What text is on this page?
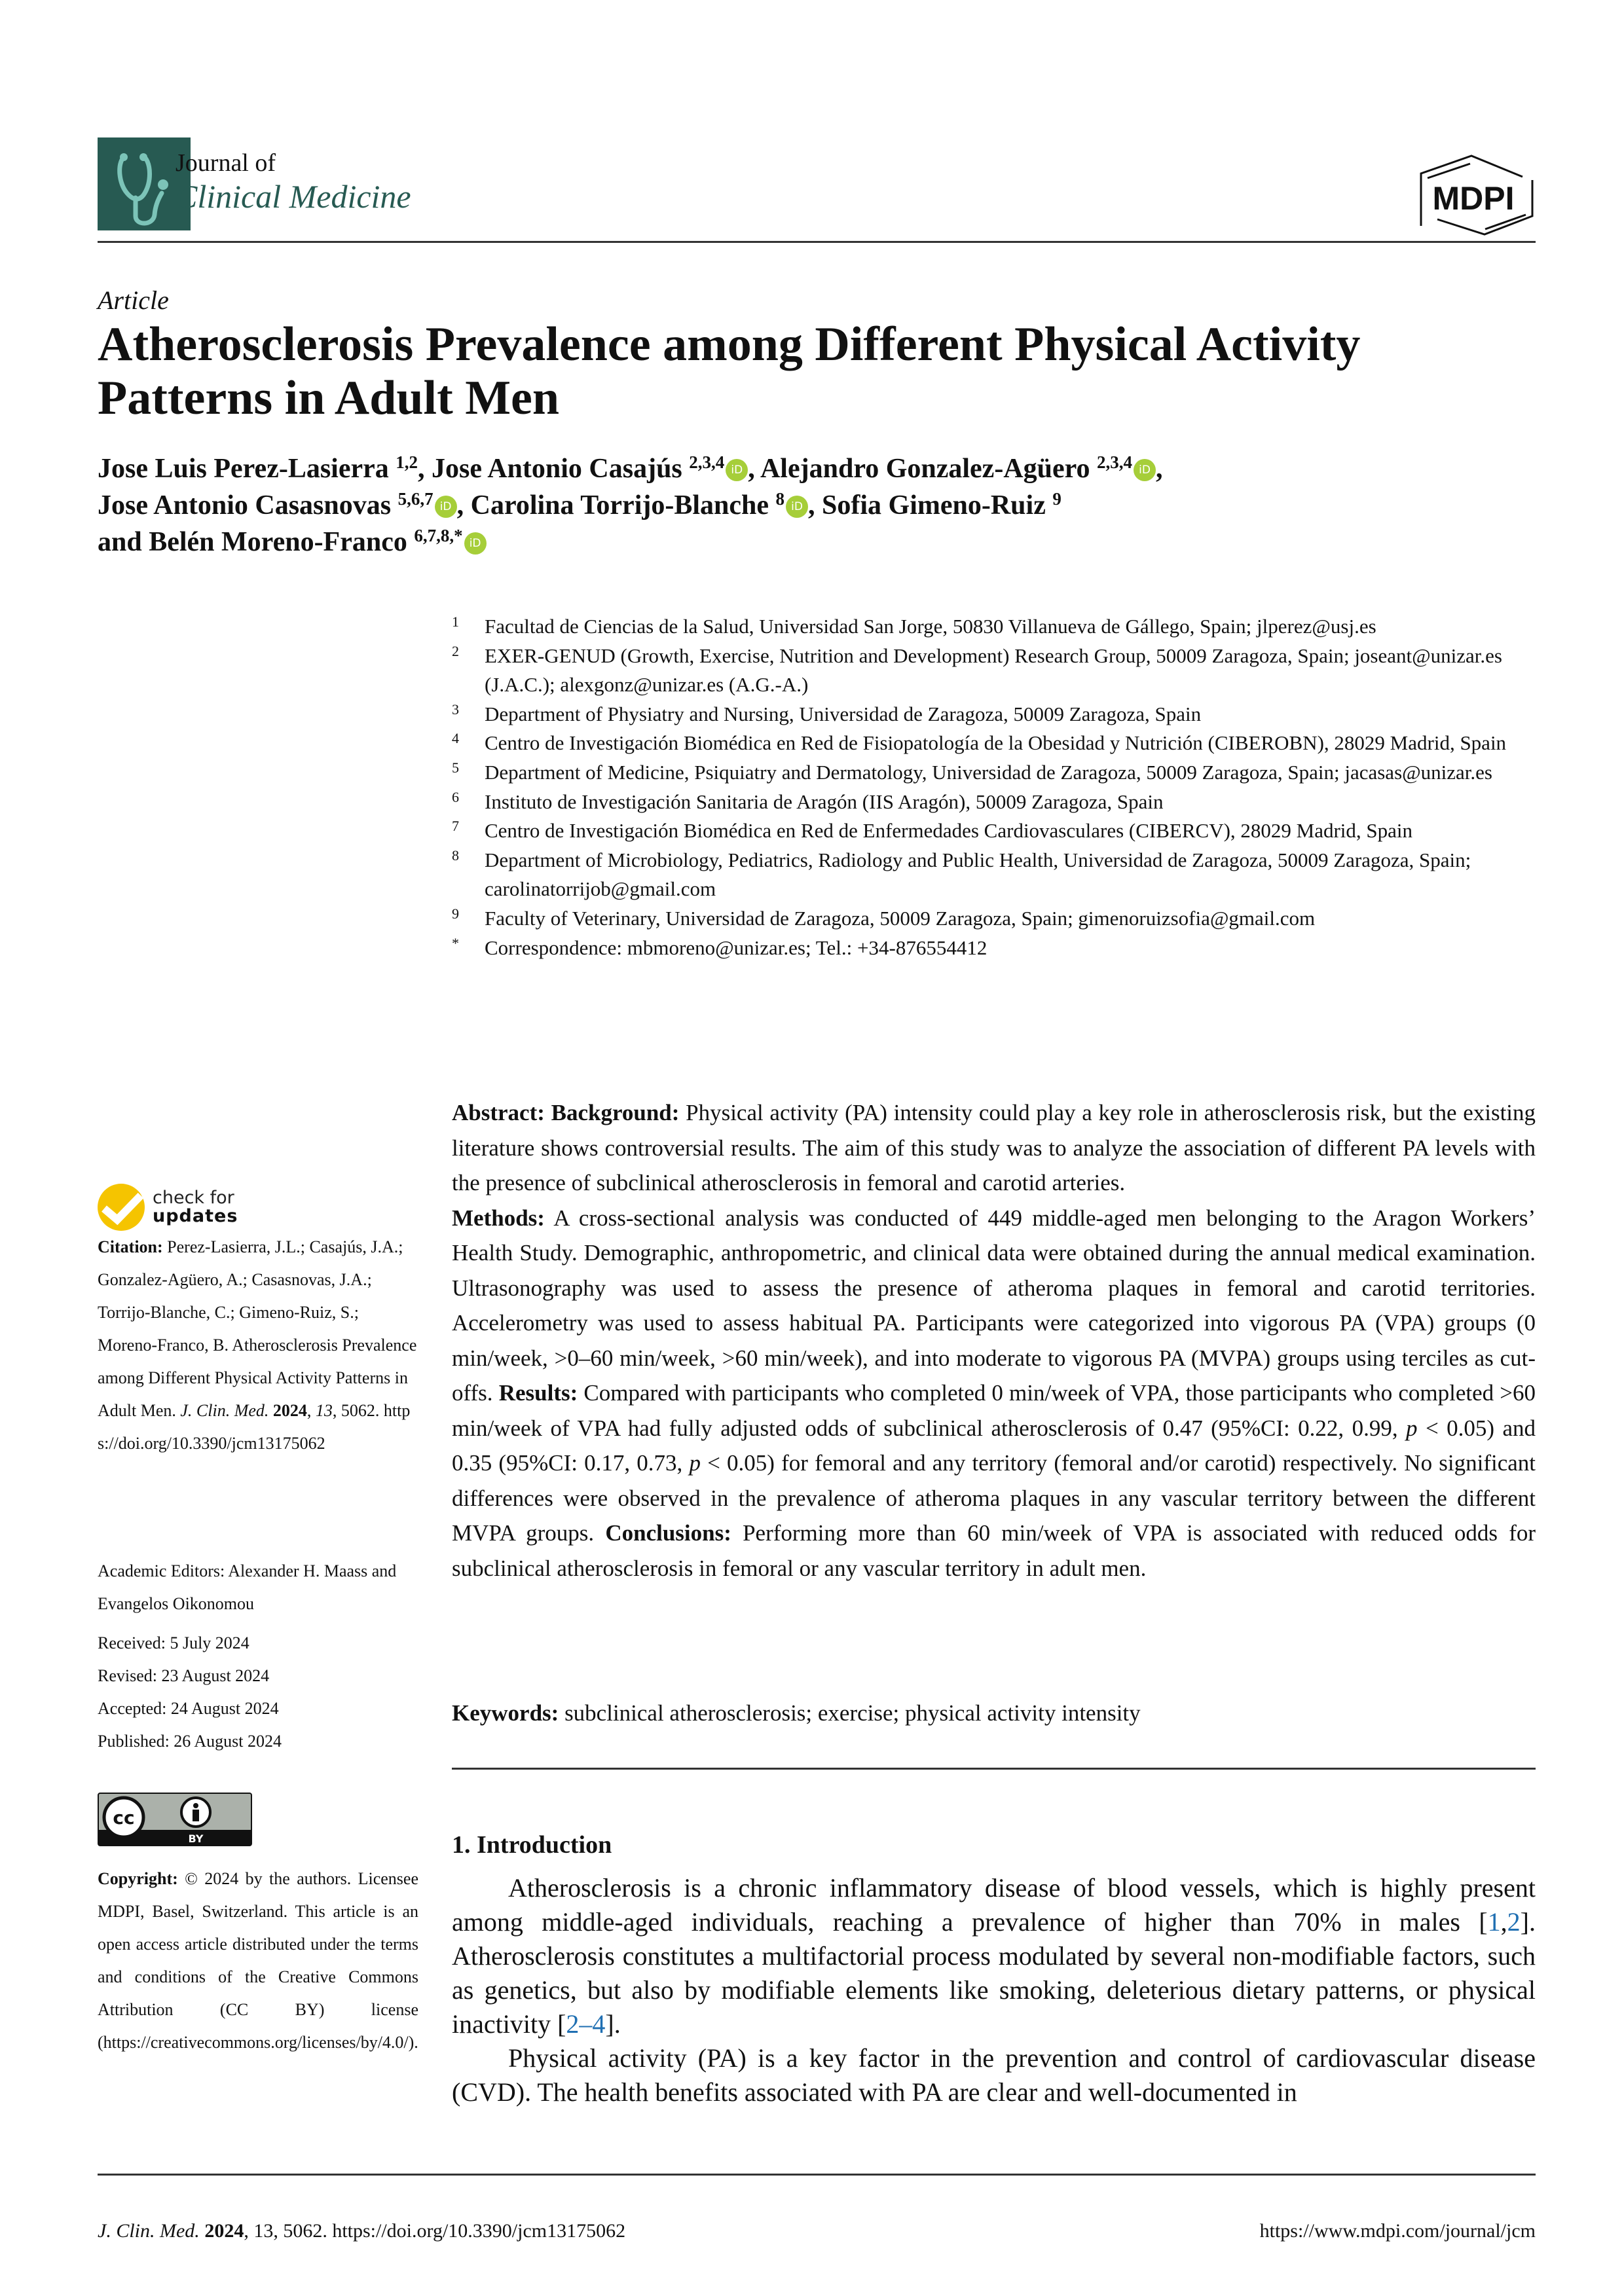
Journal of
Clinical Medicine	MDPI
Article
Atherosclerosis Prevalence among Different Physical Activity Patterns in Adult Men
Jose Luis Perez-Lasierra $^{1,2}$, Jose Antonio Casajús $^{2,3,4}$ iD , Alejandro Gonzalez-Agüero $^{2,3,4}$ iD ,
Jose Antonio Casasnovas $^{5,6,7}$ iD , Carolina Torrijo-Blanche $^8$ iD , Sofia Gimeno-Ruiz $^9$
and Belén Moreno-Franco $^{6,7,8,*}$ iD
1	Facultad de Ciencias de la Salud, Universidad San Jorge, 50830 Villanueva de Gállego, Spain; jlperez@usj.es
2	EXER-GENUD (Growth, Exercise, Nutrition and Development) Research Group, 50009 Zaragoza, Spain; joseant@unizar.es (J.A.C.); alexgonz@unizar.es (A.G.-A.)
3	Department of Physiatry and Nursing, Universidad de Zaragoza, 50009 Zaragoza, Spain
4	Centro de Investigación Biomédica en Red de Fisiopatología de la Obesidad y Nutrición (CIBEROBN), 28029 Madrid, Spain
5	Department of Medicine, Psiquiatry and Dermatology, Universidad de Zaragoza, 50009 Zaragoza, Spain; jacasas@unizar.es
6	Instituto de Investigación Sanitaria de Aragón (IIS Aragón), 50009 Zaragoza, Spain
7	Centro de Investigación Biomédica en Red de Enfermedades Cardiovasculares (CIBERCV), 28029 Madrid, Spain
8	Department of Microbiology, Pediatrics, Radiology and Public Health, Universidad de Zaragoza, 50009 Zaragoza, Spain; carolinatorrijob@gmail.com
9	Faculty of Veterinary, Universidad de Zaragoza, 50009 Zaragoza, Spain; gimenoruizsofia@gmail.com
*	Correspondence: mbmoreno@unizar.es; Tel.: +34-876554412
check for
updates
Citation: Perez-Lasierra, J.L.; Casajús, J.A.; Gonzalez-Agüero, A.; Casasnovas, J.A.; Torrijo-Blanche, C.; Gimeno-Ruiz, S.; Moreno-Franco, B. Atherosclerosis Prevalence among Different Physical Activity Patterns in Adult Men. J. Clin. Med. 2024, 13, 5062. https://doi.org/10.3390/jcm13175062
Academic Editors: Alexander H. Maass and Evangelos Oikonomou
Received: 5 July 2024
Revised: 23 August 2024
Accepted: 24 August 2024
Published: 26 August 2024
cc
BY
Copyright: © 2024 by the authors. Licensee MDPI, Basel, Switzerland. This article is an open access article distributed under the terms and conditions of the Creative Commons Attribution (CC BY) license (https://creativecommons.org/licenses/by/4.0/).
Abstract: Background: Physical activity (PA) intensity could play a key role in atherosclerosis risk, but the existing literature shows controversial results. The aim of this study was to analyze the association of different PA levels with the presence of subclinical atherosclerosis in femoral and carotid arteries.
Methods: A cross-sectional analysis was conducted of 449 middle-aged men belonging to the Aragon Workers’ Health Study. Demographic, anthropometric, and clinical data were obtained during the annual medical examination. Ultrasonography was used to assess the presence of atheroma plaques in femoral and carotid territories. Accelerometry was used to assess habitual PA. Participants were categorized into vigorous PA (VPA) groups (0 min/week, >0–60 min/week, >60 min/week), and into moderate to vigorous PA (MVPA) groups using terciles as cut-offs. Results: Compared with participants who completed 0 min/week of VPA, those participants who completed >60 min/week of VPA had fully adjusted odds of subclinical atherosclerosis of 0.47 (95%CI: 0.22, 0.99, p < 0.05) and 0.35 (95%CI: 0.17, 0.73, p < 0.05) for femoral and any territory (femoral and/or carotid) respectively. No significant differences were observed in the prevalence of atheroma plaques in any vascular territory between the different MVPA groups. Conclusions: Performing more than 60 min/week of VPA is associated with reduced odds for subclinical atherosclerosis in femoral or any vascular territory in adult men.
Keywords: subclinical atherosclerosis; exercise; physical activity intensity
1. Introduction

Atherosclerosis is a chronic inflammatory disease of blood vessels, which is highly present among middle-aged individuals, reaching a prevalence of higher than 70% in males [1,2]. Atherosclerosis constitutes a multifactorial process modulated by several non-modifiable factors, such as genetics, but also by modifiable elements like smoking, deleterious dietary patterns, or physical inactivity [2–4].

Physical activity (PA) is a key factor in the prevention and control of cardiovascular disease (CVD). The health benefits associated with PA are clear and well-documented in

J. Clin. Med. 2024, 13, 5062. https://doi.org/10.3390/jcm13175062	https://www.mdpi.com/journal/jcm
